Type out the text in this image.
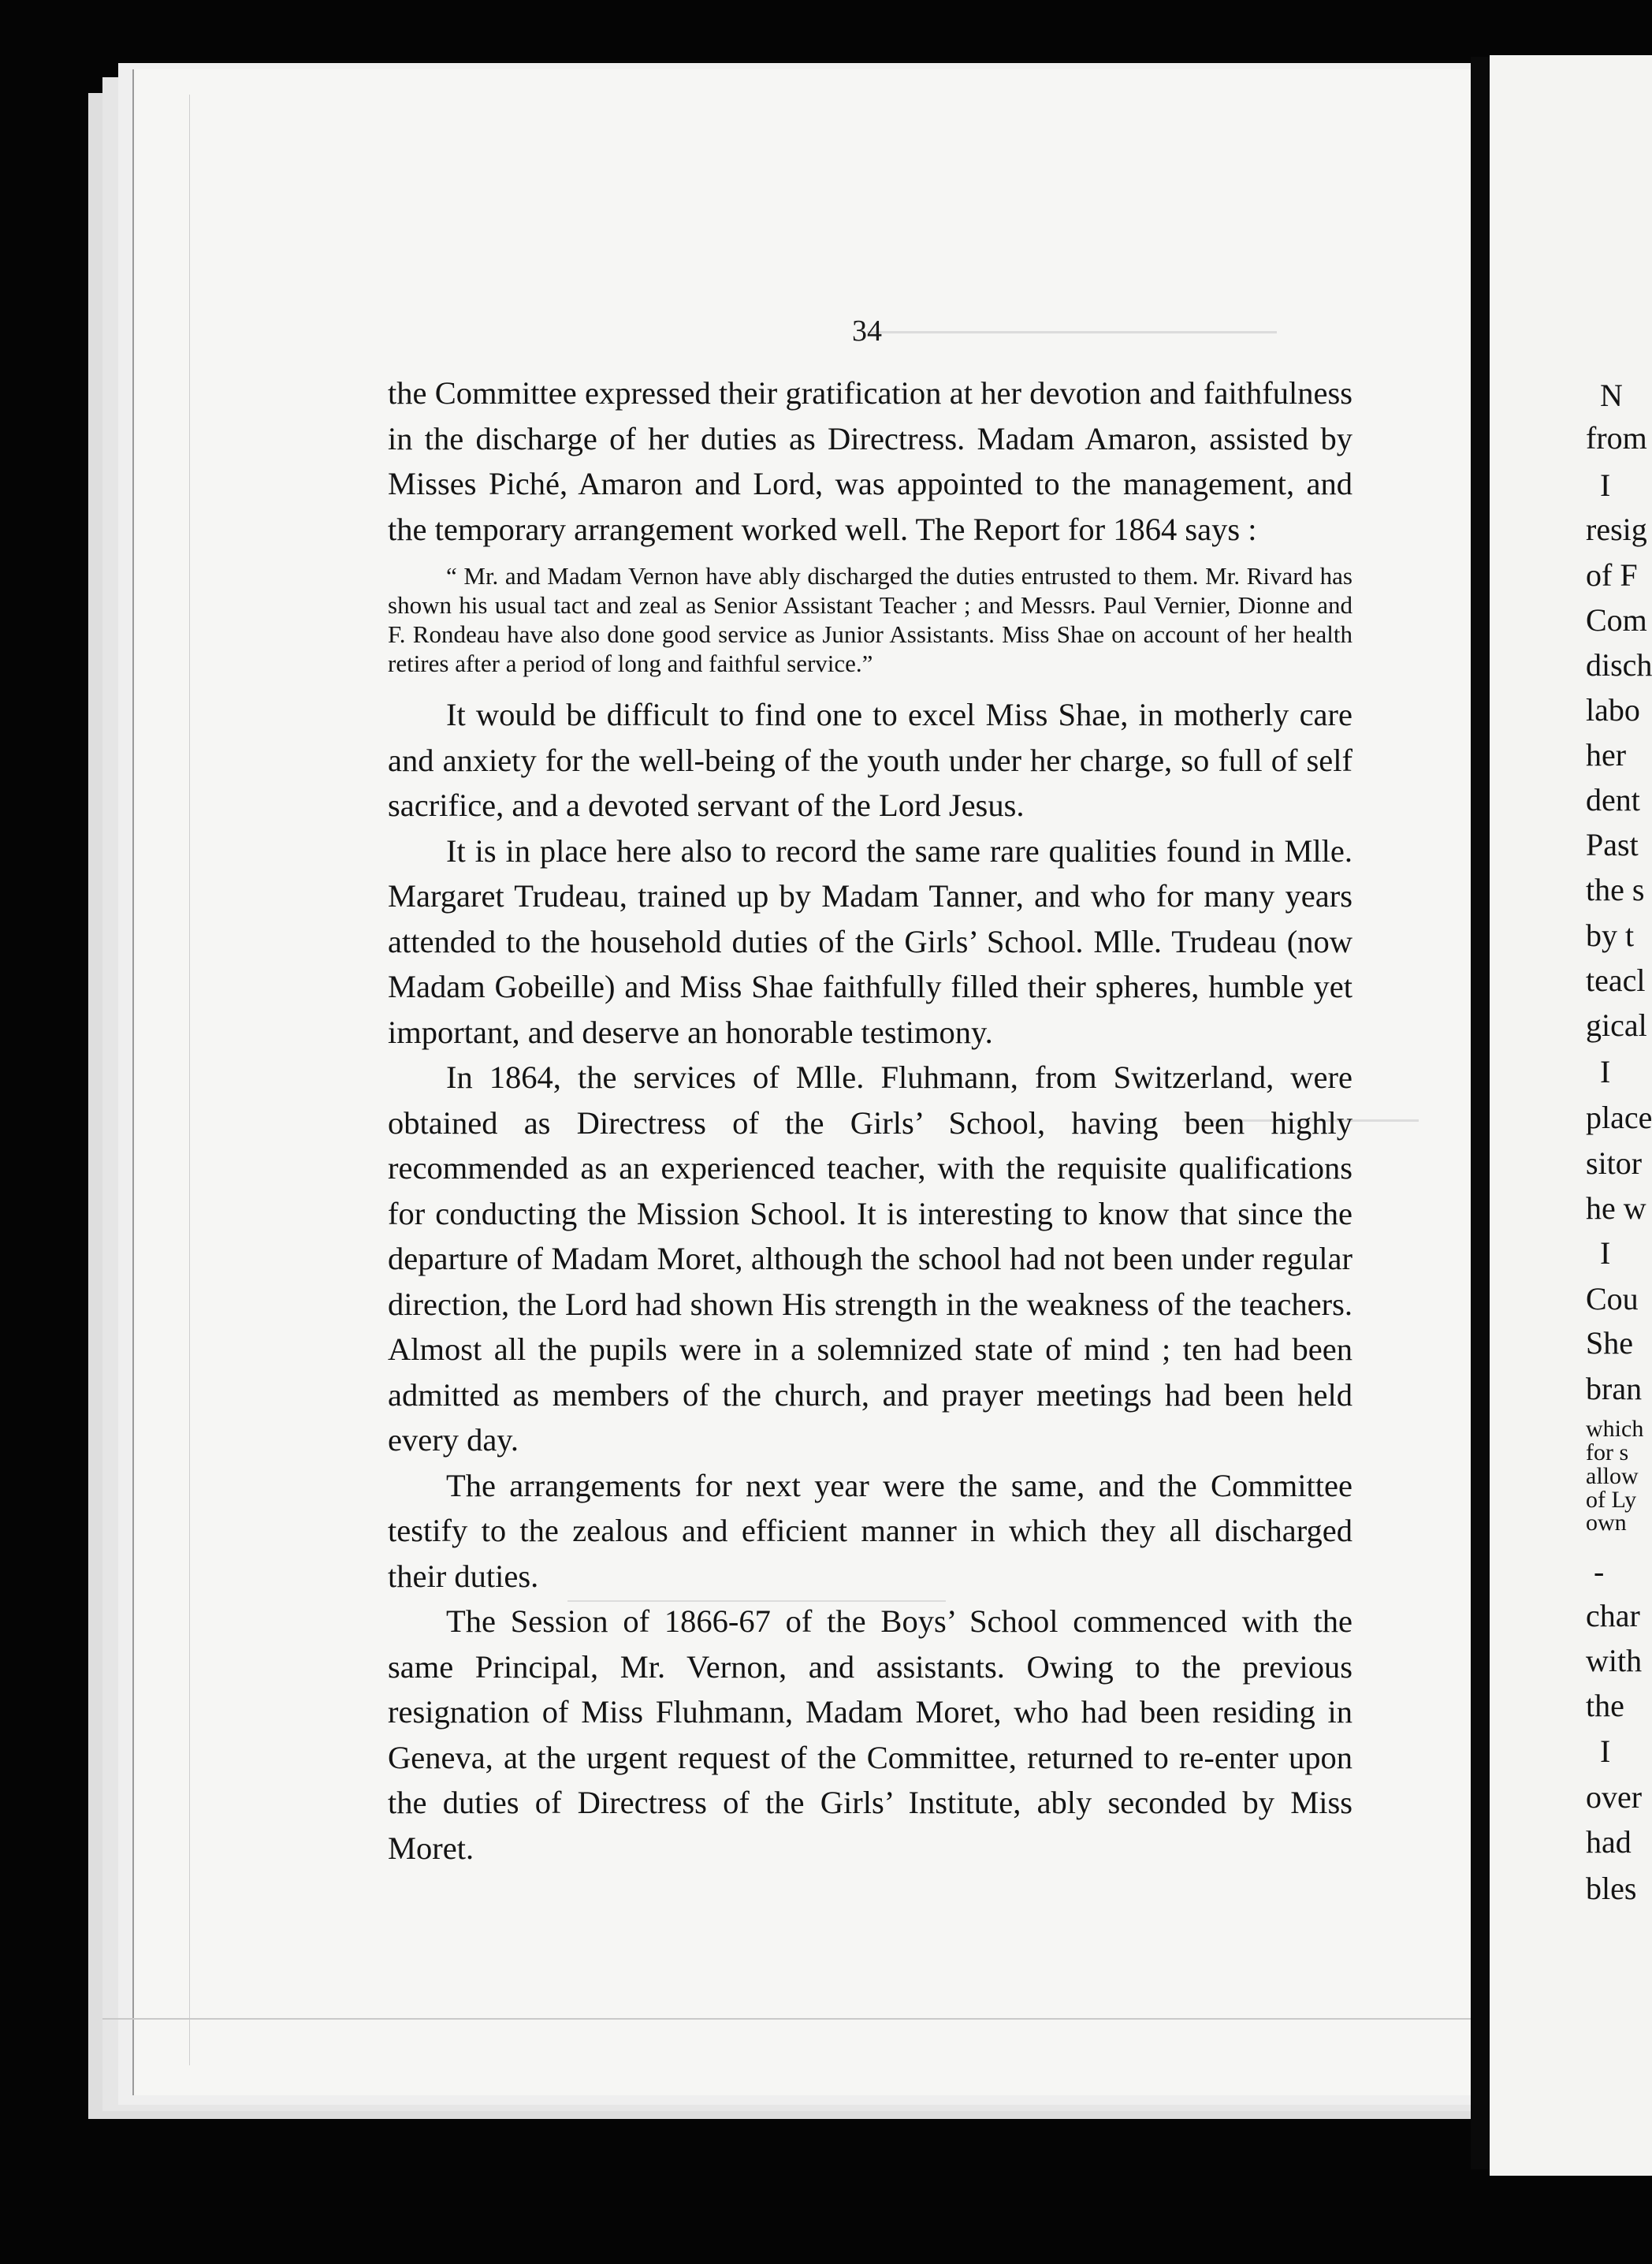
34

the Committee expressed their gratification at her devotion and faithfulness in the discharge of her duties as Directress. Madam Amaron, assisted by Misses Piché, Amaron and Lord, was appointed to the management, and the temporary arrangement worked well. The Report for 1864 says :

“ Mr. and Madam Vernon have ably discharged the duties entrusted to them. Mr. Rivard has shown his usual tact and zeal as Senior Assistant Teacher ; and Messrs. Paul Vernier, Dionne and F. Rondeau have also done good service as Junior Assistants. Miss Shae on account of her health retires after a period of long and faithful service.”

It would be difficult to find one to excel Miss Shae, in motherly care and anxiety for the well-being of the youth under her charge, so full of self sacrifice, and a devoted servant of the Lord Jesus.

It is in place here also to record the same rare qualities found in Mlle. Margaret Trudeau, trained up by Madam Tanner, and who for many years attended to the household duties of the Girls’ School. Mlle. Trudeau (now Madam Gobeille) and Miss Shae faithfully filled their spheres, humble yet important, and deserve an honorable testimony.

In 1864, the services of Mlle. Fluhmann, from Switzerland, were obtained as Directress of the Girls’ School, having been highly recommended as an experienced teacher, with the requisite qualifications for conducting the Mission School. It is interesting to know that since the departure of Madam Moret, although the school had not been under regular direction, the Lord had shown His strength in the weakness of the teachers. Almost all the pupils were in a solemnized state of mind ; ten had been admitted as members of the church, and prayer meetings had been held every day.

The arrangements for next year were the same, and the Committee testify to the zealous and efficient manner in which they all discharged their duties.

The Session of 1866-67 of the Boys’ School commenced with the same Principal, Mr. Vernon, and assistants. Owing to the previous resignation of Miss Fluhmann, Madam Moret, who had been residing in Geneva, at the urgent request of the Committee, returned to re-enter upon the duties of Directress of the Girls’ Institute, ably seconded by Miss Moret.

N
from
I
resig
of F
Com
disch
labo
her
dent
Past
the s
by t
teacl
gical
I
place
sitor
he w
I
Cou
She
bran
which
for s
allow
of Ly
own
-
char
with
the
I
over
had
bles
